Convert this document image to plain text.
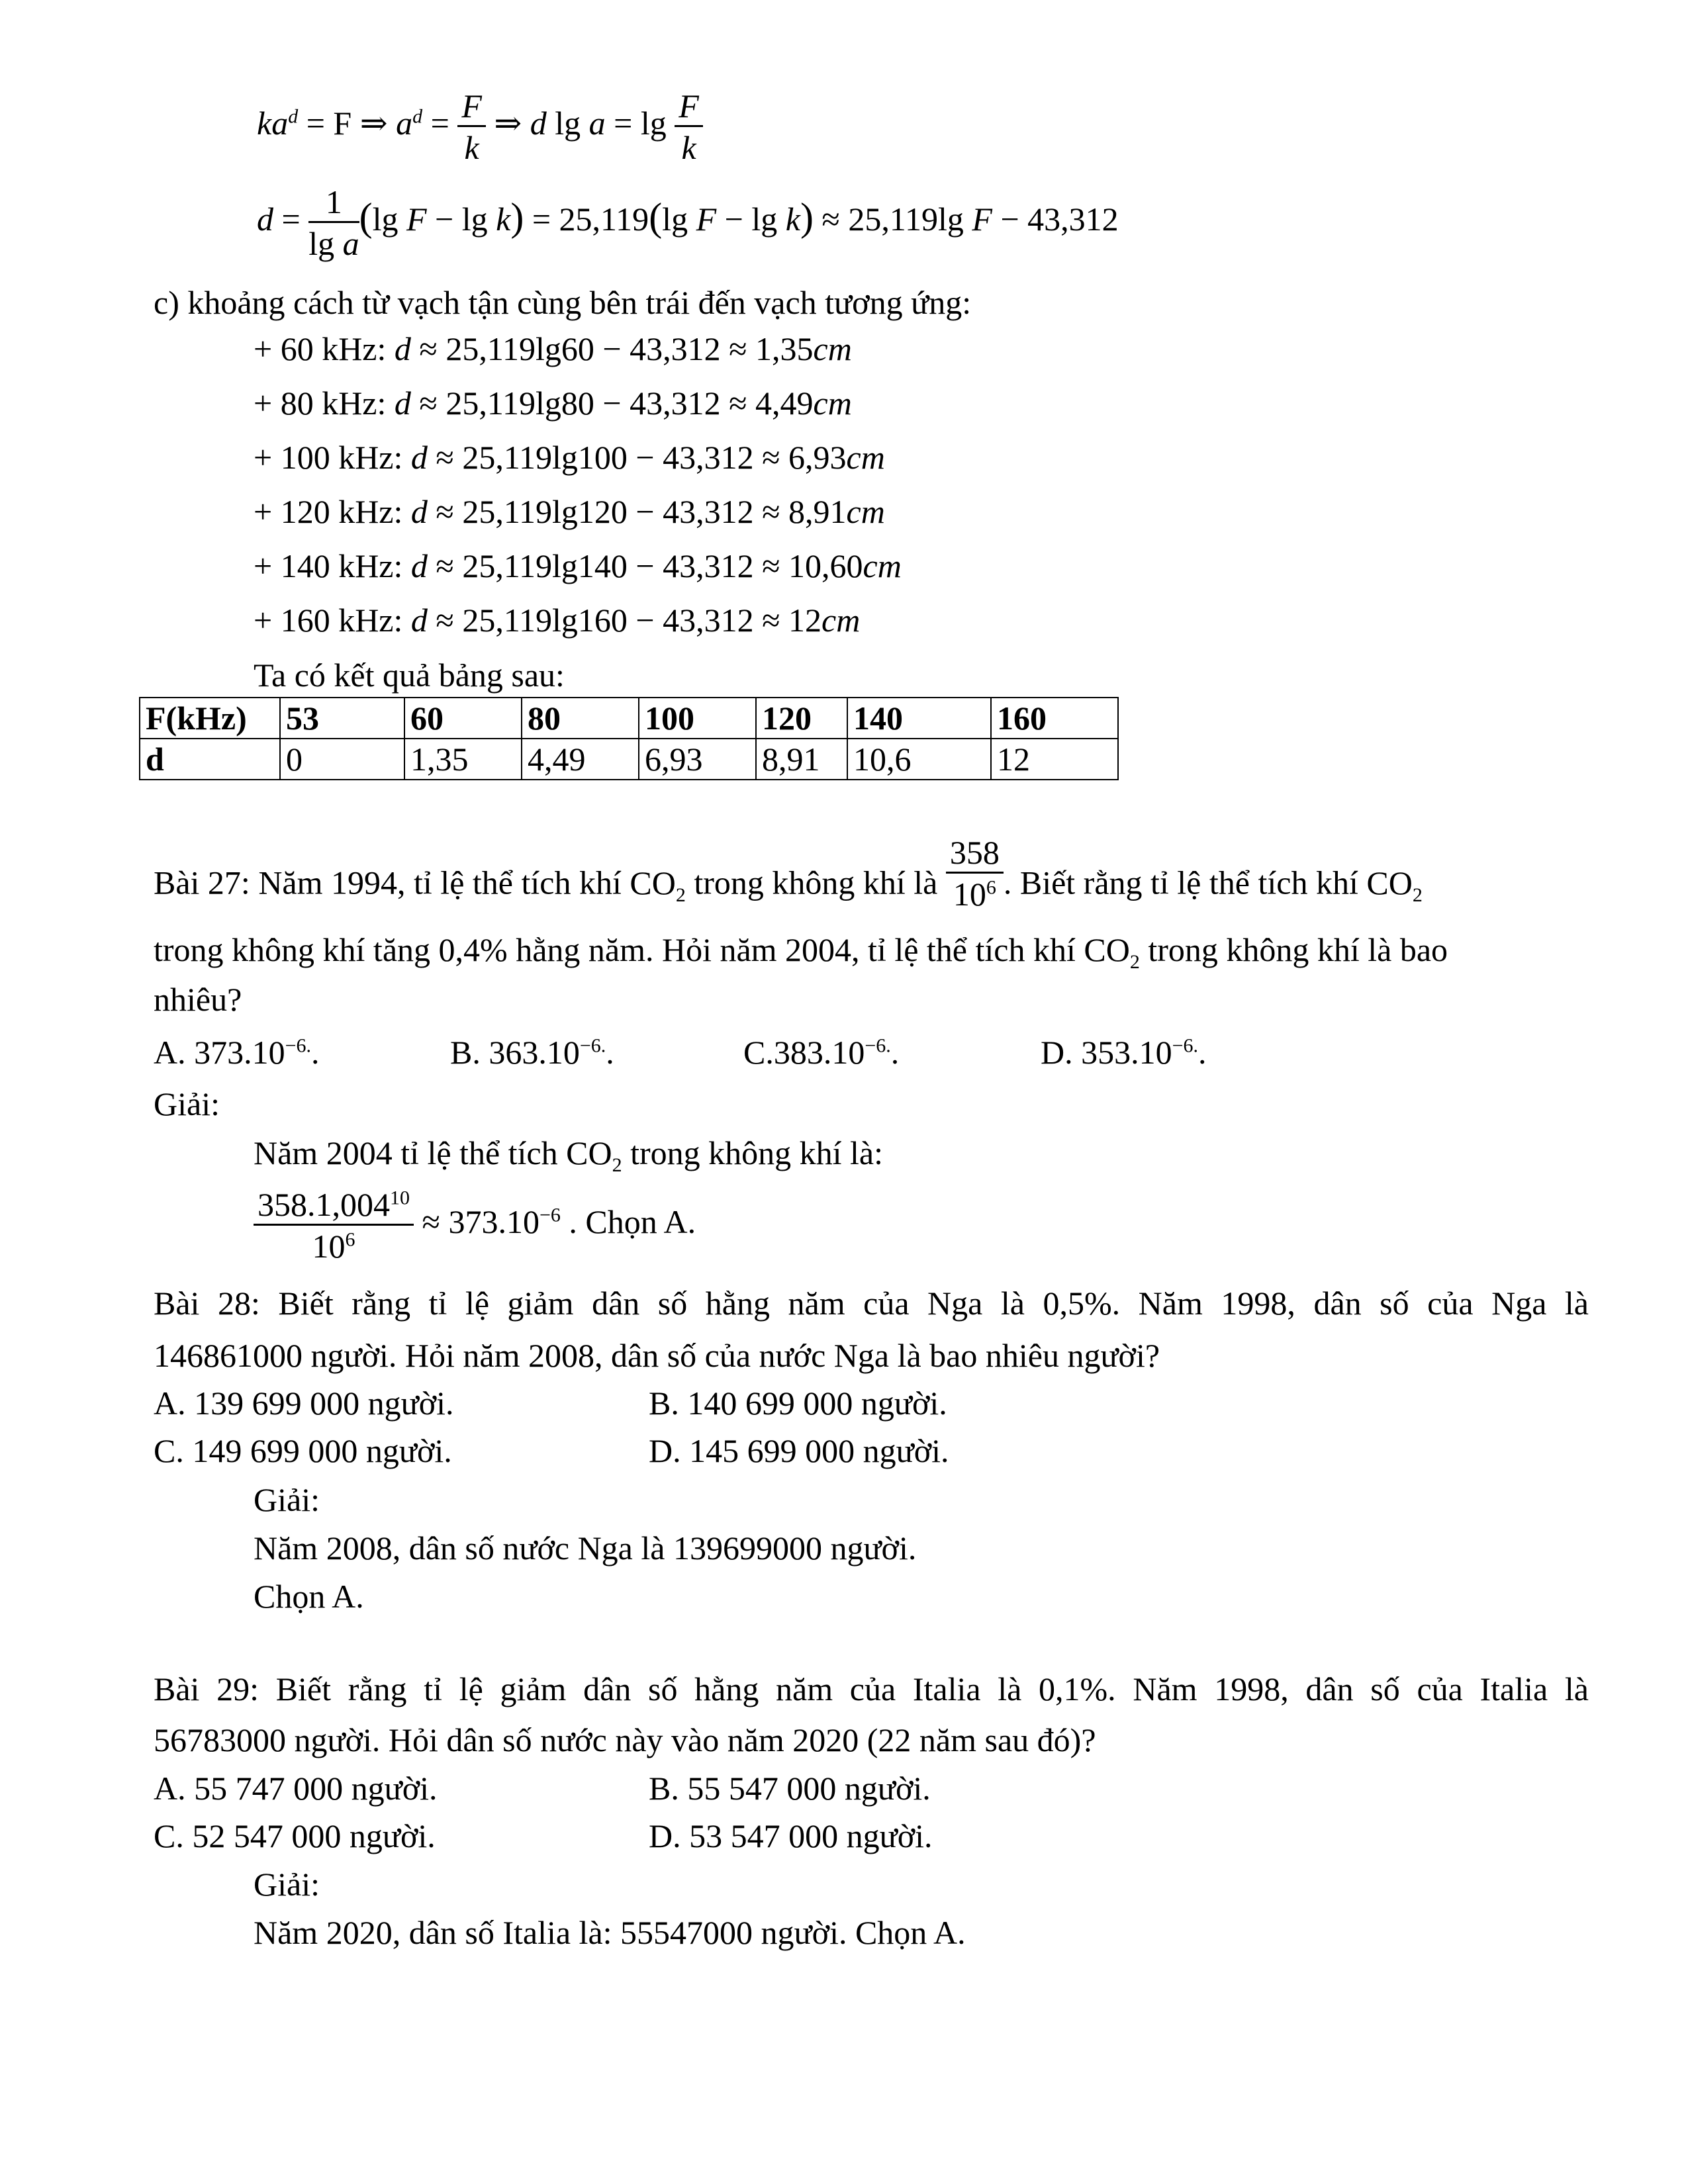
$ka^d = F$ ⇒ $a^d = \frac{F}{k}$ ⇒ d $\lg a = \lg \frac{F}{k}$
$d = \frac{1}{\text{lg a}} (\lg$ F − lg k) = 25,119(lg F − lg k) ≈ 25,119lg F − 43,312
c) khoảng cách từ vạch tận cùng bên trái đến vạch tương ứng:
+ 60 kHz: d ≈ 25,119lg60 − 43,312 ≈ 1,35cm
+ 80 kHz: d ≈ 25,119lg80 − 43,312 ≈ 4,49cm
+ 100 kHz: d ≈ 25,119lg100 − 43,312 ≈ 6,93cm
+ 120 kHz: d ≈ 25,119lg120 − 43,312 ≈ 8,91cm
+ 140 kHz: d ≈ 25,119lg140 − 43,312 ≈ 10,60cm
+ 160 kHz: d ≈ 25,119lg160 − 43,312 ≈ 12cm
Ta có kết quả bảng sau:
F(kHz)	53	60	80	100	120	140	160
d	0	1,35	4,49	6,93	8,91	10,6	12
Bài 27: Năm 1994, tỉ lệ thể tích khí $CO_2$ trong không khí là $\frac{358}{10^6}$ . Biết rằng tỉ lệ thể tích khí $CO_2$
trong không khí tăng 0,4% hằng năm. Hỏi năm 2004, tỉ lệ thể tích khí $CO_2$ trong không khí là bao
nhiêu?
A. $373.10^{-6.}$.	B. $363.10^{-6.}$.	$C.383.10^{-6.}$.	D. $353.10^{-6.}$.
Giải:
Năm 2004 tỉ lệ thể tích $CO_2$ trong không khí là:
$\frac{358.1,004^{10}}{10^6} \approx 373.10^{-6}$ . Chọn A.
Bài 28: Biết rằng tỉ lệ giảm dân số hằng năm của Nga là 0,5%. Năm 1998, dân số của Nga là
146861000 người. Hỏi năm 2008, dân số của nước Nga là bao nhiêu người?
A. 139 699 000 người.	B. 140 699 000 người.
C. 149 699 000 người.	D. 145 699 000 người.
Giải:
Năm 2008, dân số nước Nga là 139699000 người.
Chọn A.
Bài 29: Biết rằng tỉ lệ giảm dân số hằng năm của Italia là 0,1%. Năm 1998, dân số của Italia là
56783000 người. Hỏi dân số nước này vào năm 2020 (22 năm sau đó)?
A. 55 747 000 người.	B. 55 547 000 người.
C. 52 547 000 người.	D. 53 547 000 người.
Giải:
Năm 2020, dân số Italia là: 55547000 người. Chọn A.
